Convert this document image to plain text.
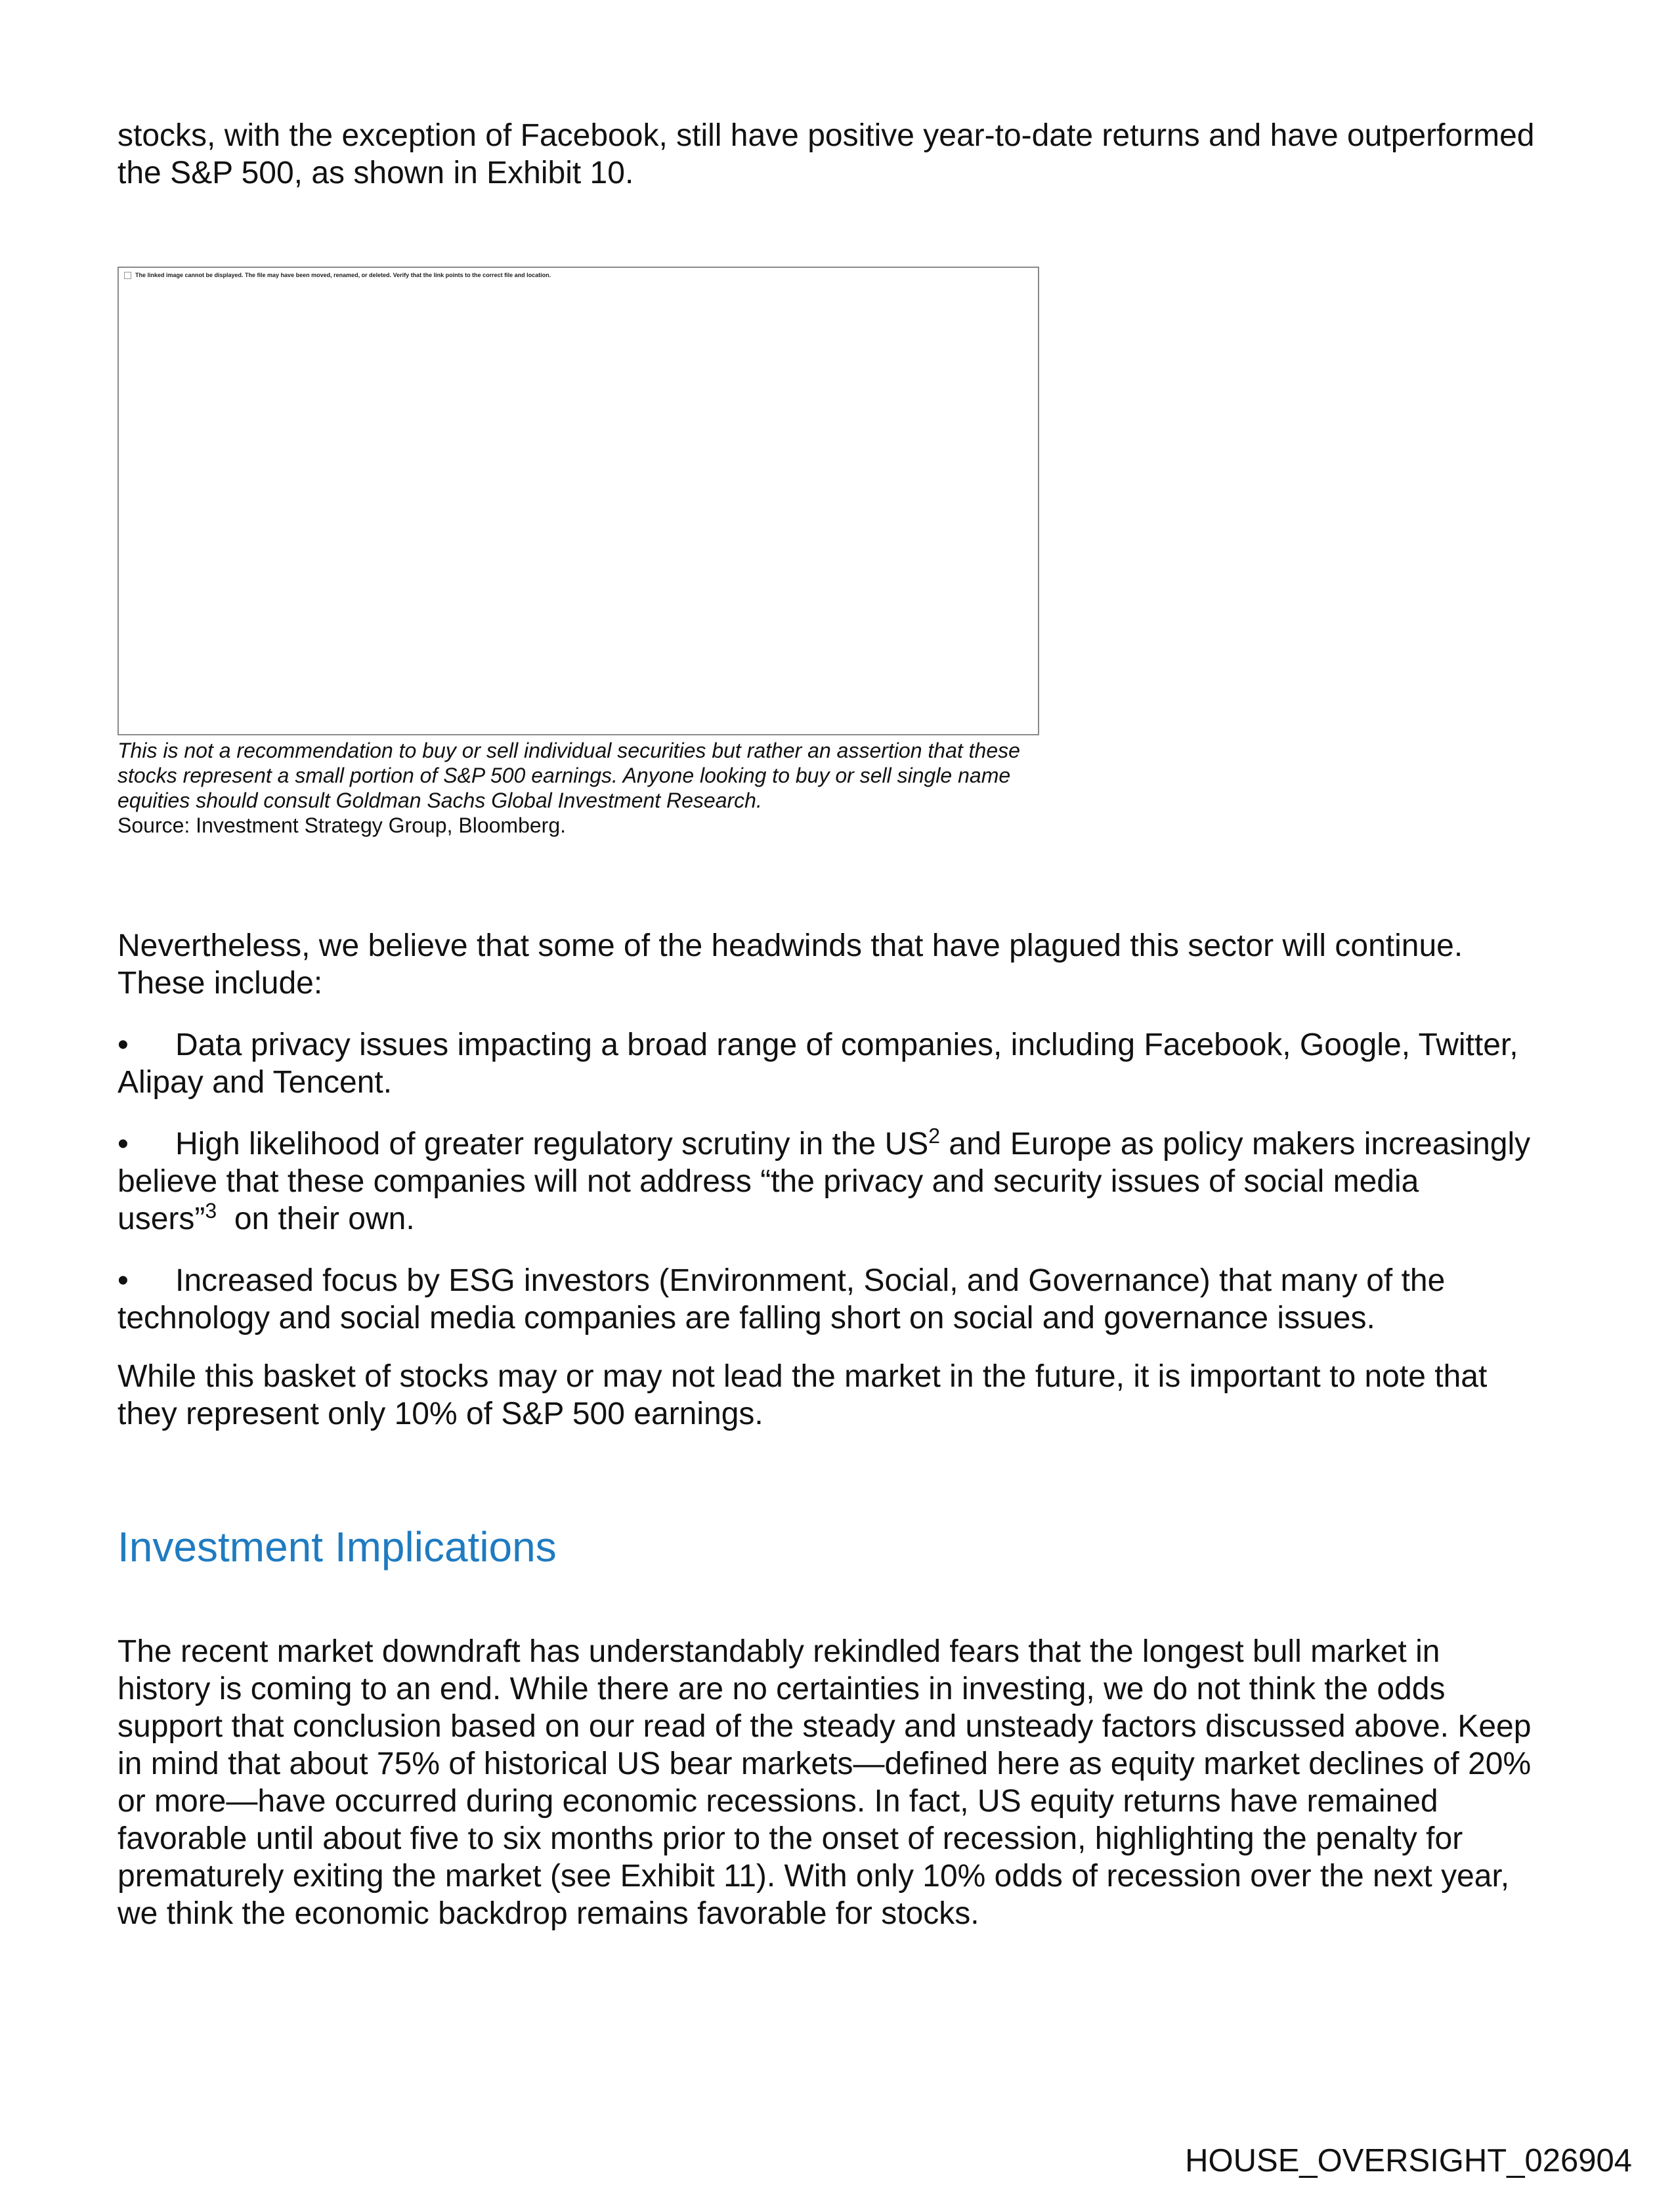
stocks, with the exception of Facebook, still have positive year-to-date returns and have outperformed
the S&P 500, as shown in Exhibit 10.
The linked image cannot be displayed. The file may have been moved, renamed, or deleted. Verify that the link points to the correct file and location.
This is not a recommendation to buy or sell individual securities but rather an assertion that these
stocks represent a small portion of S&P 500 earnings. Anyone looking to buy or sell single name
equities should consult Goldman Sachs Global Investment Research.
Source: Investment Strategy Group, Bloomberg.
Nevertheless, we believe that some of the headwinds that have plagued this sector will continue.
These include:
• Data privacy issues impacting a broad range of companies, including Facebook, Google, Twitter,
Alipay and Tencent.
• High likelihood of greater regulatory scrutiny in the $US^2$ and Europe as policy makers increasingly
believe that these companies will not address “the privacy and security issues of social media
users”$^3$  on their own.
• Increased focus by ESG investors (Environment, Social, and Governance) that many of the
technology and social media companies are falling short on social and governance issues.
While this basket of stocks may or may not lead the market in the future, it is important to note that
they represent only 10% of S&P 500 earnings.
Investment Implications
The recent market downdraft has understandably rekindled fears that the longest bull market in
history is coming to an end. While there are no certainties in investing, we do not think the odds
support that conclusion based on our read of the steady and unsteady factors discussed above. Keep
in mind that about 75% of historical US bear markets—defined here as equity market declines of 20%
or more—have occurred during economic recessions. In fact, US equity returns have remained
favorable until about five to six months prior to the onset of recession, highlighting the penalty for
prematurely exiting the market (see Exhibit 11). With only 10% odds of recession over the next year,
we think the economic backdrop remains favorable for stocks.
HOUSE_OVERSIGHT_026904
